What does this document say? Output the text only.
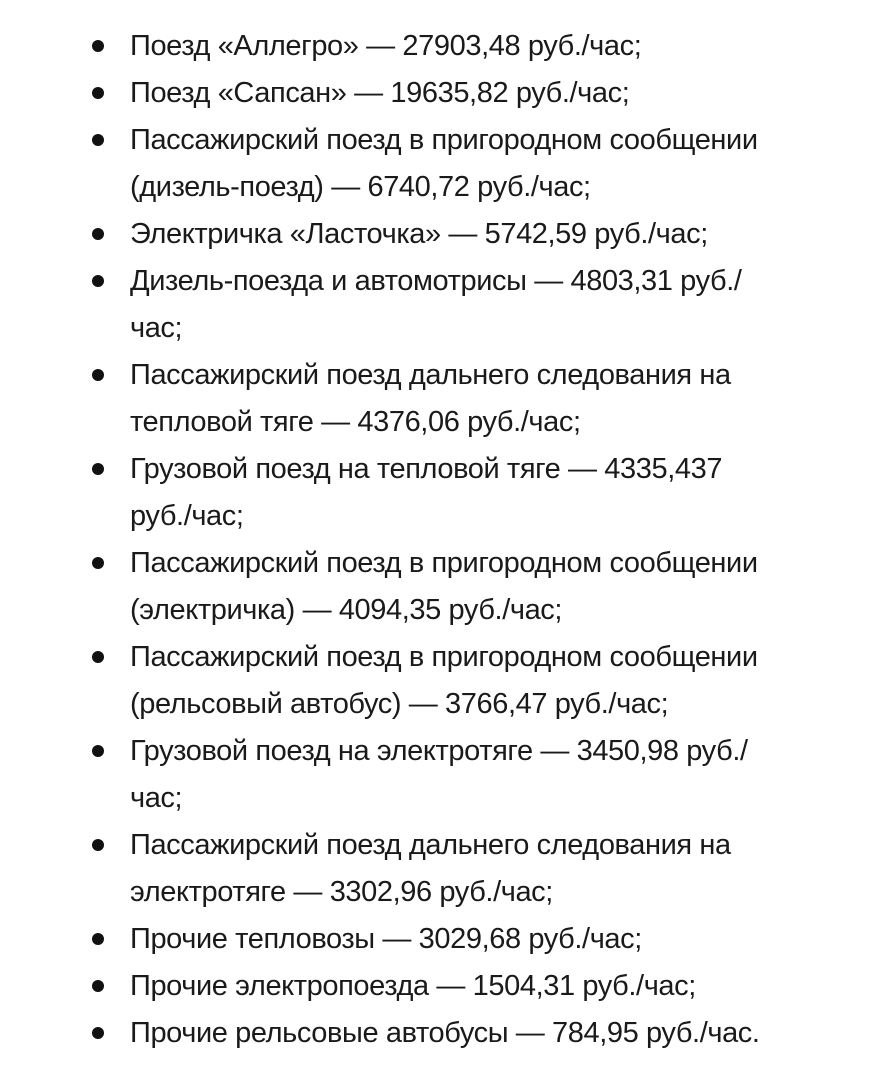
Поезд «Аллегро» — 27903,48 руб./час;
Поезд «Сапсан» — 19635,82 руб./час;
Пассажирский поезд в пригородном сообщении
(дизель-поезд) — 6740,72 руб./час;
Электричка «Ласточка» — 5742,59 руб./час;
Дизель-поезда и автомотрисы — 4803,31 руб./
час;
Пассажирский поезд дальнего следования на
тепловой тяге — 4376,06 руб./час;
Грузовой поезд на тепловой тяге — 4335,437
руб./час;
Пассажирский поезд в пригородном сообщении
(электричка) — 4094,35 руб./час;
Пассажирский поезд в пригородном сообщении
(рельсовый автобус) — 3766,47 руб./час;
Грузовой поезд на электротяге — 3450,98 руб./
час;
Пассажирский поезд дальнего следования на
электротяге — 3302,96 руб./час;
Прочие тепловозы — 3029,68 руб./час;
Прочие электропоезда — 1504,31 руб./час;
Прочие рельсовые автобусы — 784,95 руб./час.
